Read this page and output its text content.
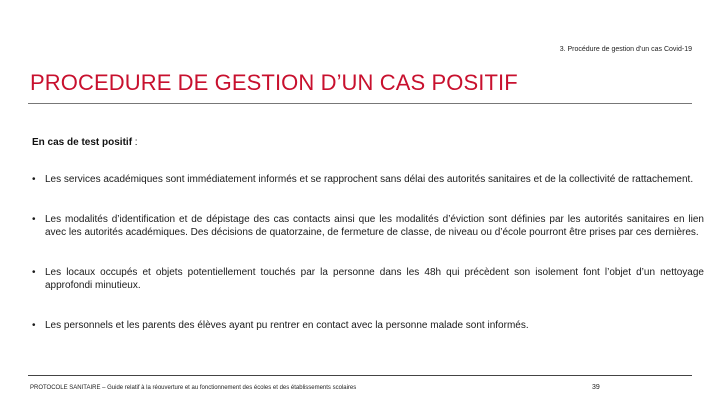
3. Procédure de gestion d’un cas Covid-19
PROCEDURE DE GESTION D’UN CAS POSITIF
En cas de test positif :
• Les services académiques sont immédiatement informés et se rapprochent sans délai des autorités sanitaires et de la collectivité de rattachement.
• Les modalités d’identification et de dépistage des cas contacts ainsi que les modalités d’éviction sont définies par les autorités sanitaires en lien avec les autorités académiques. Des décisions de quatorzaine, de fermeture de classe, de niveau ou d’école pourront être prises par ces dernières.
• Les locaux occupés et objets potentiellement touchés par la personne dans les 48h qui précèdent son isolement font l’objet d’un nettoyage approfondi minutieux.
• Les personnels et les parents des élèves ayant pu rentrer en contact avec la personne malade sont informés.
PROTOCOLE SANITAIRE – Guide relatif à la réouverture et au fonctionnement des écoles et des établissements scolaires	39
